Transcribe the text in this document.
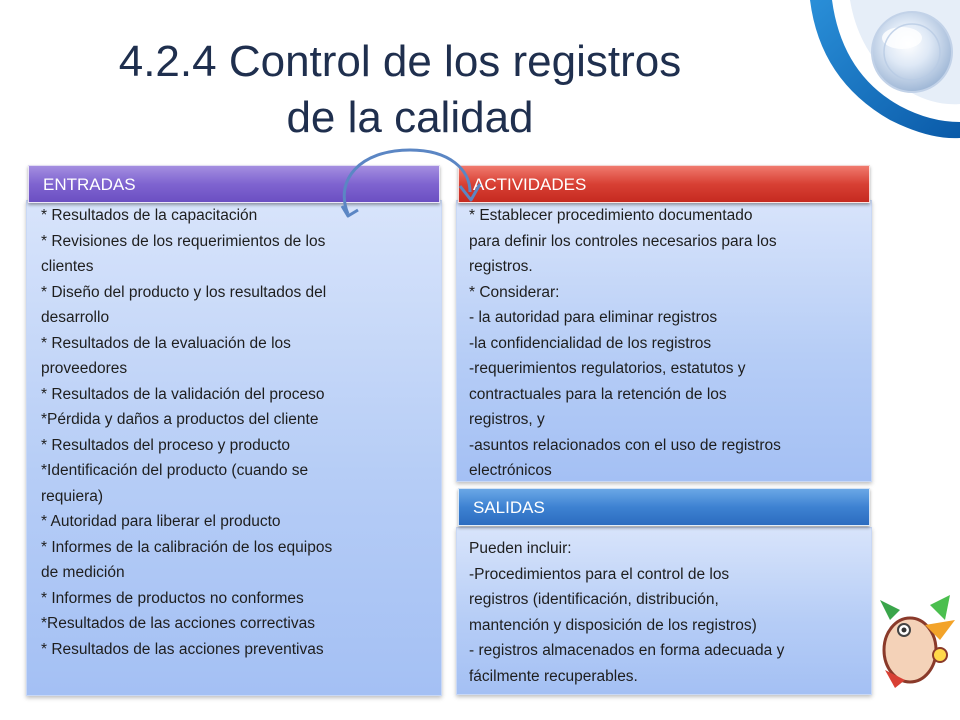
4.2.4 Control de los registros
de la calidad
* Resultados de la capacitación
* Revisiones de los requerimientos de los
clientes
* Diseño del producto y los resultados del
desarrollo
* Resultados de la evaluación de los
proveedores
* Resultados de la validación del proceso
*Pérdida y daños a productos del cliente
* Resultados del proceso y producto
*Identificación del producto (cuando se
requiera)
* Autoridad para liberar el producto
* Informes de la calibración de los equipos
de medición
* Informes de productos no conformes
*Resultados de las acciones correctivas
* Resultados de las acciones preventivas
ENTRADAS
* Establecer procedimiento documentado
para definir los controles necesarios para los
registros.
* Considerar:
- la autoridad para eliminar registros
-la confidencialidad de los registros
-requerimientos regulatorios, estatutos y
contractuales para la retención de los
registros, y
-asuntos relacionados con el uso de registros
electrónicos
ACTIVIDADES
Pueden incluir:
-Procedimientos para el control de los
registros (identificación, distribución,
mantención y disposición de los registros)
- registros almacenados en forma adecuada y
fácilmente recuperables.
SALIDAS
